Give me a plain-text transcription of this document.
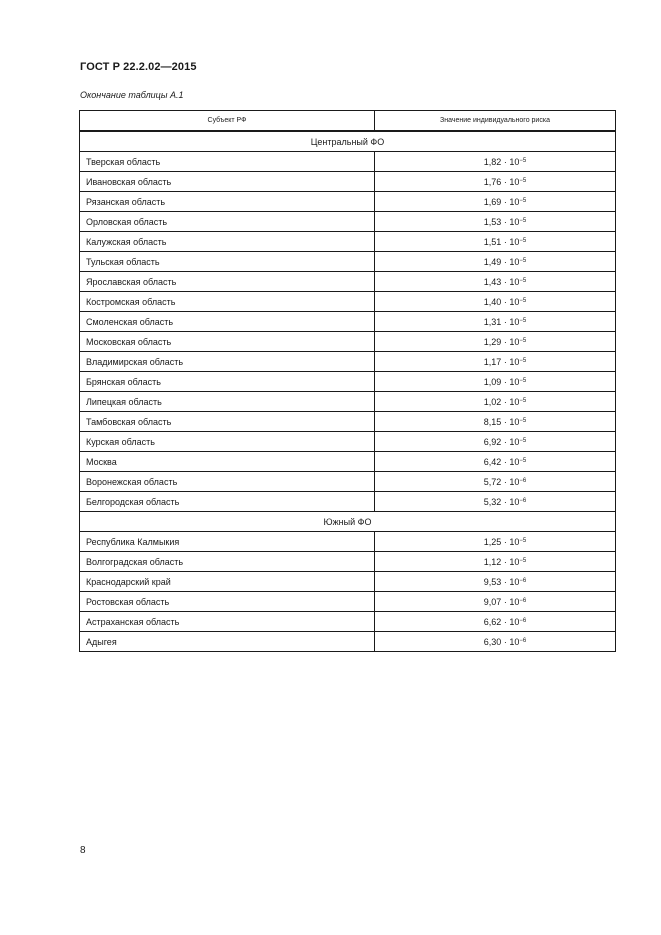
ГОСТ Р 22.2.02—2015
Окончание таблицы А.1
Субъект РФ	Значение индивидуального риска
Центральный ФО	
Тверская область	$1,82 \cdot 10^{-5}$
Ивановская область	$1,76 \cdot 10^{-5}$
Рязанская область	$1,69 \cdot 10^{-5}$
Орловская область	$1,53 \cdot 10^{-5}$
Калужская область	$1,51 \cdot 10^{-5}$
Тульская область	$1,49 \cdot 10^{-5}$
Ярославская область	$1,43 \cdot 10^{-5}$
Костромская область	$1,40 \cdot 10^{-5}$
Смоленская область	$1,31 \cdot 10^{-5}$
Московская область	$1,29 \cdot 10^{-5}$
Владимирская область	$1,17 \cdot 10^{-5}$
Брянская область	$1,09 \cdot 10^{-5}$
Липецкая область	$1,02 \cdot 10^{-5}$
Тамбовская область	$8,15 \cdot 10^{-5}$
Курская область	$6,92 \cdot 10^{-5}$
Москва	$6,42 \cdot 10^{-5}$
Воронежская область	$5,72 \cdot 10^{-6}$
Белгородская область	$5,32 \cdot 10^{-6}$
Южный ФО	
Республика Калмыкия	$1,25 \cdot 10^{-5}$
Волгоградская область	$1,12 \cdot 10^{-5}$
Краснодарский край	$9,53 \cdot 10^{-6}$
Ростовская область	$9,07 \cdot 10^{-6}$
Астраханская область	$6,62 \cdot 10^{-6}$
Адыгея	$6,30 \cdot 10^{-6}$
8
